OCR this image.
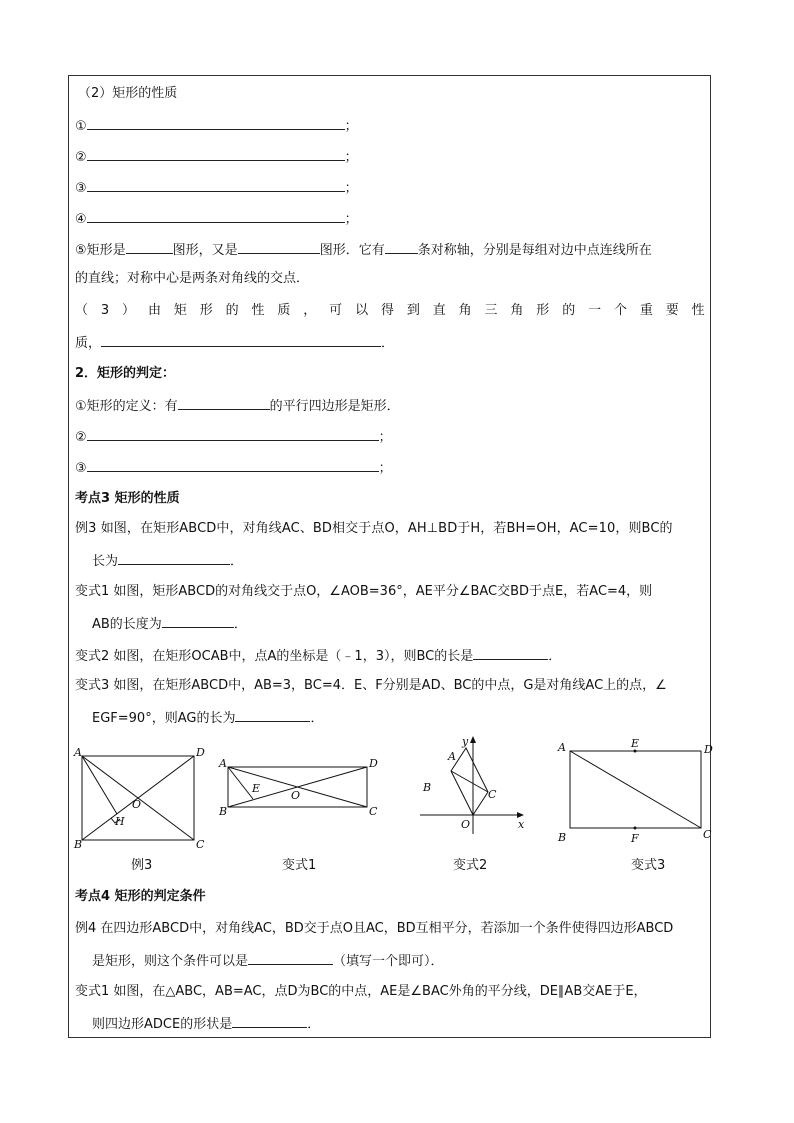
（2）矩形的性质
①	；
②	；
③	；
④	；
⑤矩形是	图形，又是	图形．它有	条对称轴，分别是每组对边中点连线所在
的直线；对称中心是两条对角线的交点．
（ 3 ） 由 矩 形 的 性 质 ， 可 以 得 到 直 角 三 角 形 的 一 个 重 要 性
质，	．
2．矩形的判定：
①矩形的定义：有	的平行四边形是矩形．
②	；
③	；
考点3 矩形的性质
例3 如图，在矩形ABCD中，对角线AC、BD相交于点O，AH⊥BD于H，若BH=OH，AC=10，则BC的
长为	．
变式1 如图，矩形ABCD的对角线交于点O，∠AOB=36°，AE平分∠BAC交BD于点E，若AC=4，则
AB的长度为	．
变式2 如图，在矩形OCAB中，点A的坐标是（﹣1，3），则BC的长是	．
变式3 如图，在矩形ABCD中，AB=3，BC=4．E、F分别是AD、BC的中点，G是对角线AC上的点，∠
EGF=90°，则AG的长为	．
A	D
B	C
O
H
例3
A	D
B	C
E
O
变式1
y
A
B
C
O	x
变式2
A	E	D
B	F	C
变式3
考点4 矩形的判定条件
例4 在四边形ABCD中，对角线AC，BD交于点O且AC，BD互相平分，若添加一个条件使得四边形ABCD
是矩形，则这个条件可以是	（填写一个即可）．
变式1 如图，在△ABC，AB=AC，点D为BC的中点，AE是∠BAC外角的平分线，DE∥AB交AE于E，
则四边形ADCE的形状是	．
